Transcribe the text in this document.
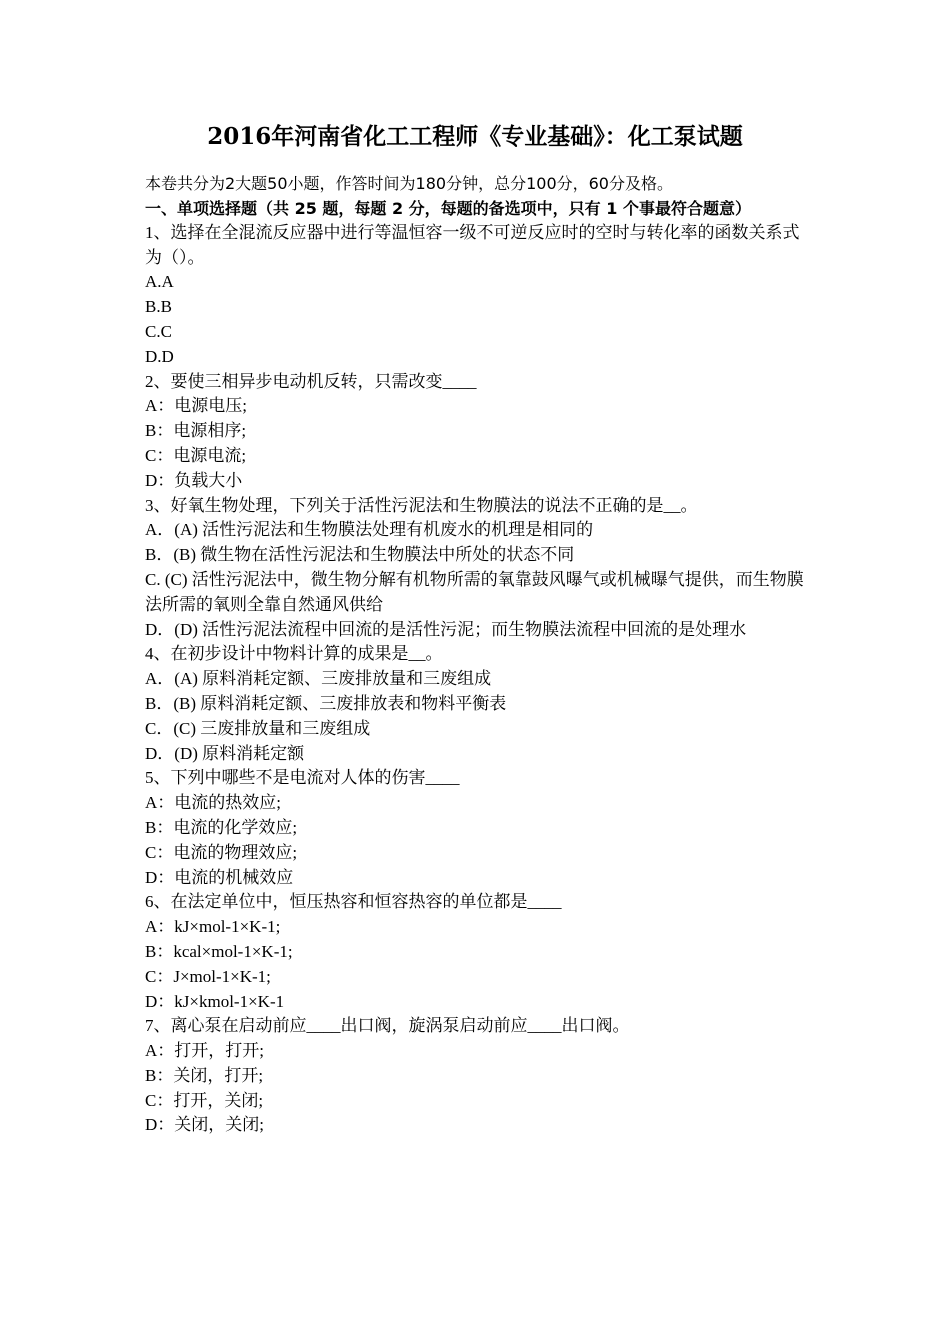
2016年河南省化工工程师《专业基础》：化工泵试题
本卷共分为2大题50小题，作答时间为180分钟，总分100分，60分及格。
一、单项选择题（共 25 题，每题 2 分，每题的备选项中，只有 1 个事最符合题意）
1、选择在全混流反应器中进行等温恒容一级不可逆反应时的空时与转化率的函数关系式为（）。
A.A
B.B
C.C
D.D
2、要使三相异步电动机反转，只需改变____
A：电源电压;
B：电源相序;
C：电源电流;
D：负载大小
3、好氧生物处理，下列关于活性污泥法和生物膜法的说法不正确的是__。
A．(A) 活性污泥法和生物膜法处理有机废水的机理是相同的
B．(B) 微生物在活性污泥法和生物膜法中所处的状态不同
C. (C) 活性污泥法中，微生物分解有机物所需的氧靠鼓风曝气或机械曝气提供，而生物膜法所需的氧则全靠自然通风供给
D．(D) 活性污泥法流程中回流的是活性污泥；而生物膜法流程中回流的是处理水
4、在初步设计中物料计算的成果是__。
A．(A) 原料消耗定额、三废排放量和三废组成
B．(B) 原料消耗定额、三废排放表和物料平衡表
C．(C) 三废排放量和三废组成
D．(D) 原料消耗定额
5、下列中哪些不是电流对人体的伤害____
A：电流的热效应;
B：电流的化学效应;
C：电流的物理效应;
D：电流的机械效应
6、在法定单位中，恒压热容和恒容热容的单位都是____
A：kJ×mol-1×K-1;
B：kcal×mol-1×K-1;
C：J×mol-1×K-1;
D：kJ×kmol-1×K-1
7、离心泵在启动前应____出口阀，旋涡泵启动前应____出口阀。
A：打开，打开;
B：关闭，打开;
C：打开，关闭;
D：关闭，关闭;
